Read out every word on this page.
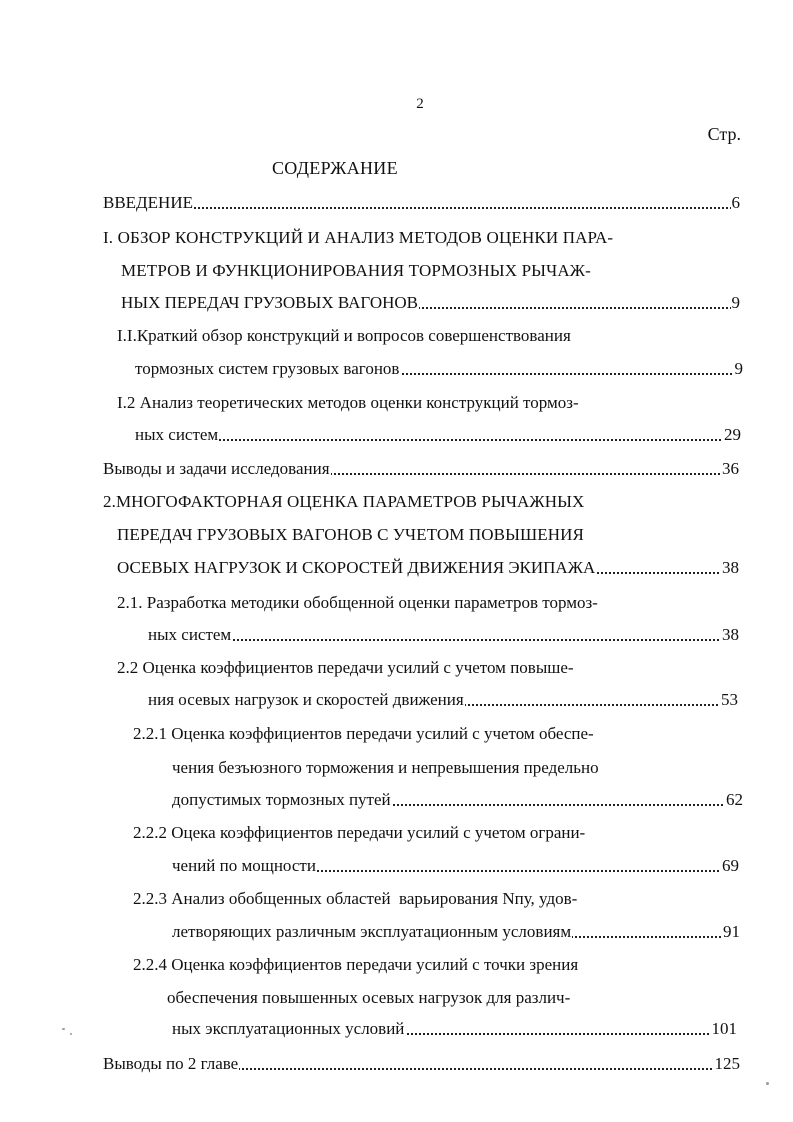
2
Стр.
СОДЕРЖАНИЕ
ВВЕДЕНИЕ	6
I. ОБЗОР КОНСТРУКЦИЙ И АНАЛИЗ МЕТОДОВ ОЦЕНКИ ПАРА-
МЕТРОВ И ФУНКЦИОНИРОВАНИЯ ТОРМОЗНЫХ РЫЧАЖ-
НЫХ ПЕРЕДАЧ ГРУЗОВЫХ ВАГОНОВ	9
I.I.Краткий обзор конструкций и вопросов совершенствования
тормозных систем грузовых вагонов	9
I.2 Анализ теоретических методов оценки конструкций тормоз-
ных систем	29
Выводы и задачи исследования	36
2.МНОГОФАКТОРНАЯ ОЦЕНКА ПАРАМЕТРОВ РЫЧАЖНЫХ
ПЕРЕДАЧ ГРУЗОВЫХ ВАГОНОВ С УЧЕТОМ ПОВЫШЕНИЯ
ОСЕВЫХ НАГРУЗОК И СКОРОСТЕЙ ДВИЖЕНИЯ ЭКИПАЖА	38
2.1. Разработка методики обобщенной оценки параметров тормоз-
ных систем	38
2.2 Оценка коэффициентов передачи усилий с учетом повыше-
ния осевых нагрузок и скоростей движения	53
2.2.1 Оценка коэффициентов передачи усилий с учетом обеспе-
чения безъюзного торможения и непревышения предельно
допустимых тормозных путей	62
2.2.2 Оцека коэффициентов передачи усилий с учетом ограни-
чений по мощности	69
2.2.3 Анализ обобщенных областей  варьирования Nпу, удов-
летворяющих различным эксплуатационным условиям	91
2.2.4 Оценка коэффициентов передачи усилий с точки зрения
обеспечения повышенных осевых нагрузок для различ-
ных эксплуатационных условий	101
Выводы по 2 главе	125
